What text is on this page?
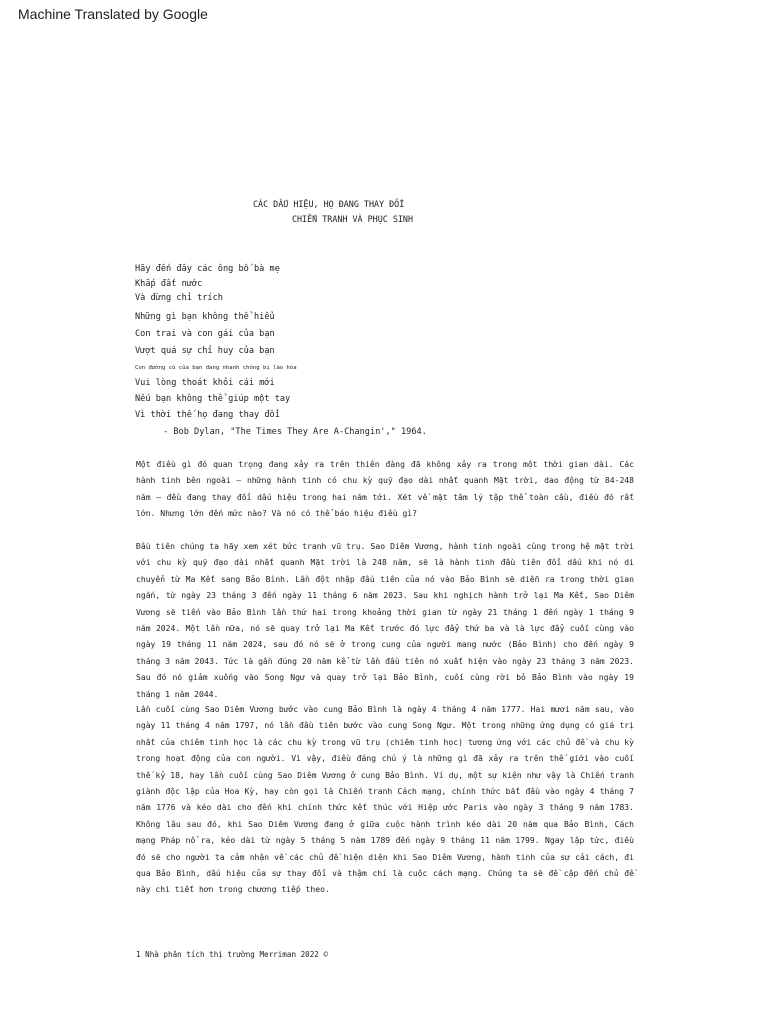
Machine Translated by Google
CÁC DẤU HIỆU, HỌ ĐANG THAY ĐỔI
CHIẾN TRANH VÀ PHỤC SINH
Hãy đến đây các ông bố bà mẹ
Khắp đất nước
Và đừng chỉ trích
Những gì bạn không thể hiểu
Con trai và con gái của bạn
Vượt quá sự chỉ huy của bạn
Con đường cũ của bạn đang nhanh chóng bị lão hóa
Vui lòng thoát khỏi cái mới
Nếu bạn không thể giúp một tay
Vì thời thế họ đang thay đổi
- Bob Dylan, "The Times They Are A-Changin'," 1964.

Một điều gì đó quan trọng đang xảy ra trên thiên đàng đã không xảy ra trong một thời gian dài. Các hành tinh bên ngoài – những hành tinh có chu kỳ quỹ đạo dài nhất quanh Mặt trời, dao động từ 84-248 năm – đều đang thay đổi dấu hiệu trong hai năm tới. Xét về mặt tâm lý tập thể toàn cầu, điều đó rất lớn. Nhưng lớn đến mức nào? Và nó có thể báo hiệu điều gì?

Đầu tiên chúng ta hãy xem xét bức tranh vũ trụ. Sao Diêm Vương, hành tinh ngoài cùng trong hệ mặt trời với chu kỳ quỹ đạo dài nhất quanh Mặt trời là 248 năm, sẽ là hành tinh đầu tiên đổi dấu khi nó di chuyển từ Ma Kết sang Bảo Bình. Lần đột nhập đầu tiên của nó vào Bảo Bình sẽ diễn ra trong thời gian ngắn, từ ngày 23 tháng 3 đến ngày 11 tháng 6 năm 2023. Sau khi nghịch hành trở lại Ma Kết, Sao Diêm Vương sẽ tiến vào Bảo Bình lần thứ hai trong khoảng thời gian từ ngày 21 tháng 1 đến ngày 1 tháng 9 năm 2024. Một lần nữa, nó sẽ quay trở lại Ma Kết trước đó lực đẩy thứ ba và là lực đẩy cuối cùng vào ngày 19 tháng 11 năm 2024, sau đó nó sẽ ở trong cung của người mang nước (Bảo Bình) cho đến ngày 9 tháng 3 năm 2043. Tức là gần đúng 20 năm kể từ lần đầu tiên nó xuất hiện vào ngày 23 tháng 3 năm 2023. Sau đó nó giảm xuống vào Song Ngư và quay trở lại Bảo Bình, cuối cùng rời bỏ Bảo Bình vào ngày 19 tháng 1 năm 2044.

Lần cuối cùng Sao Diêm Vương bước vào cung Bảo Bình là ngày 4 tháng 4 năm 1777. Hai mươi năm sau, vào ngày 11 tháng 4 năm 1797, nó lần đầu tiên bước vào cung Song Ngư. Một trong những ứng dụng có giá trị nhất của chiêm tinh học là các chu kỳ trong vũ trụ (chiêm tinh học) tương ứng với các chủ đề và chu kỳ trong hoạt động của con người. Vì vậy, điều đáng chú ý là những gì đã xảy ra trên thế giới vào cuối thế kỷ 18, hay lần cuối cùng Sao Diêm Vương ở cung Bảo Bình. Ví dụ, một sự kiện như vậy là Chiến tranh giành độc lập của Hoa Kỳ, hay còn gọi là Chiến tranh Cách mạng, chính thức bắt đầu vào ngày 4 tháng 7 năm 1776 và kéo dài cho đến khi chính thức kết thúc với Hiệp ước Paris vào ngày 3 tháng 9 năm 1783. Không lâu sau đó, khi Sao Diêm Vương đang ở giữa cuộc hành trình kéo dài 20 năm qua Bảo Bình, Cách mạng Pháp nổ ra, kéo dài từ ngày 5 tháng 5 năm 1789 đến ngày 9 tháng 11 năm 1799. Ngay lập tức, điều đó sẽ cho người ta cảm nhận về các chủ đề hiện diện khi Sao Diêm Vương, hành tinh của sự cải cách, đi qua Bảo Bình, dấu hiệu của sự thay đổi và thậm chí là cuộc cách mạng. Chúng ta sẽ đề cập đến chủ đề này chi tiết hơn trong chương tiếp theo.

1 Nhà phân tích thị trường Merriman 2022 ©
